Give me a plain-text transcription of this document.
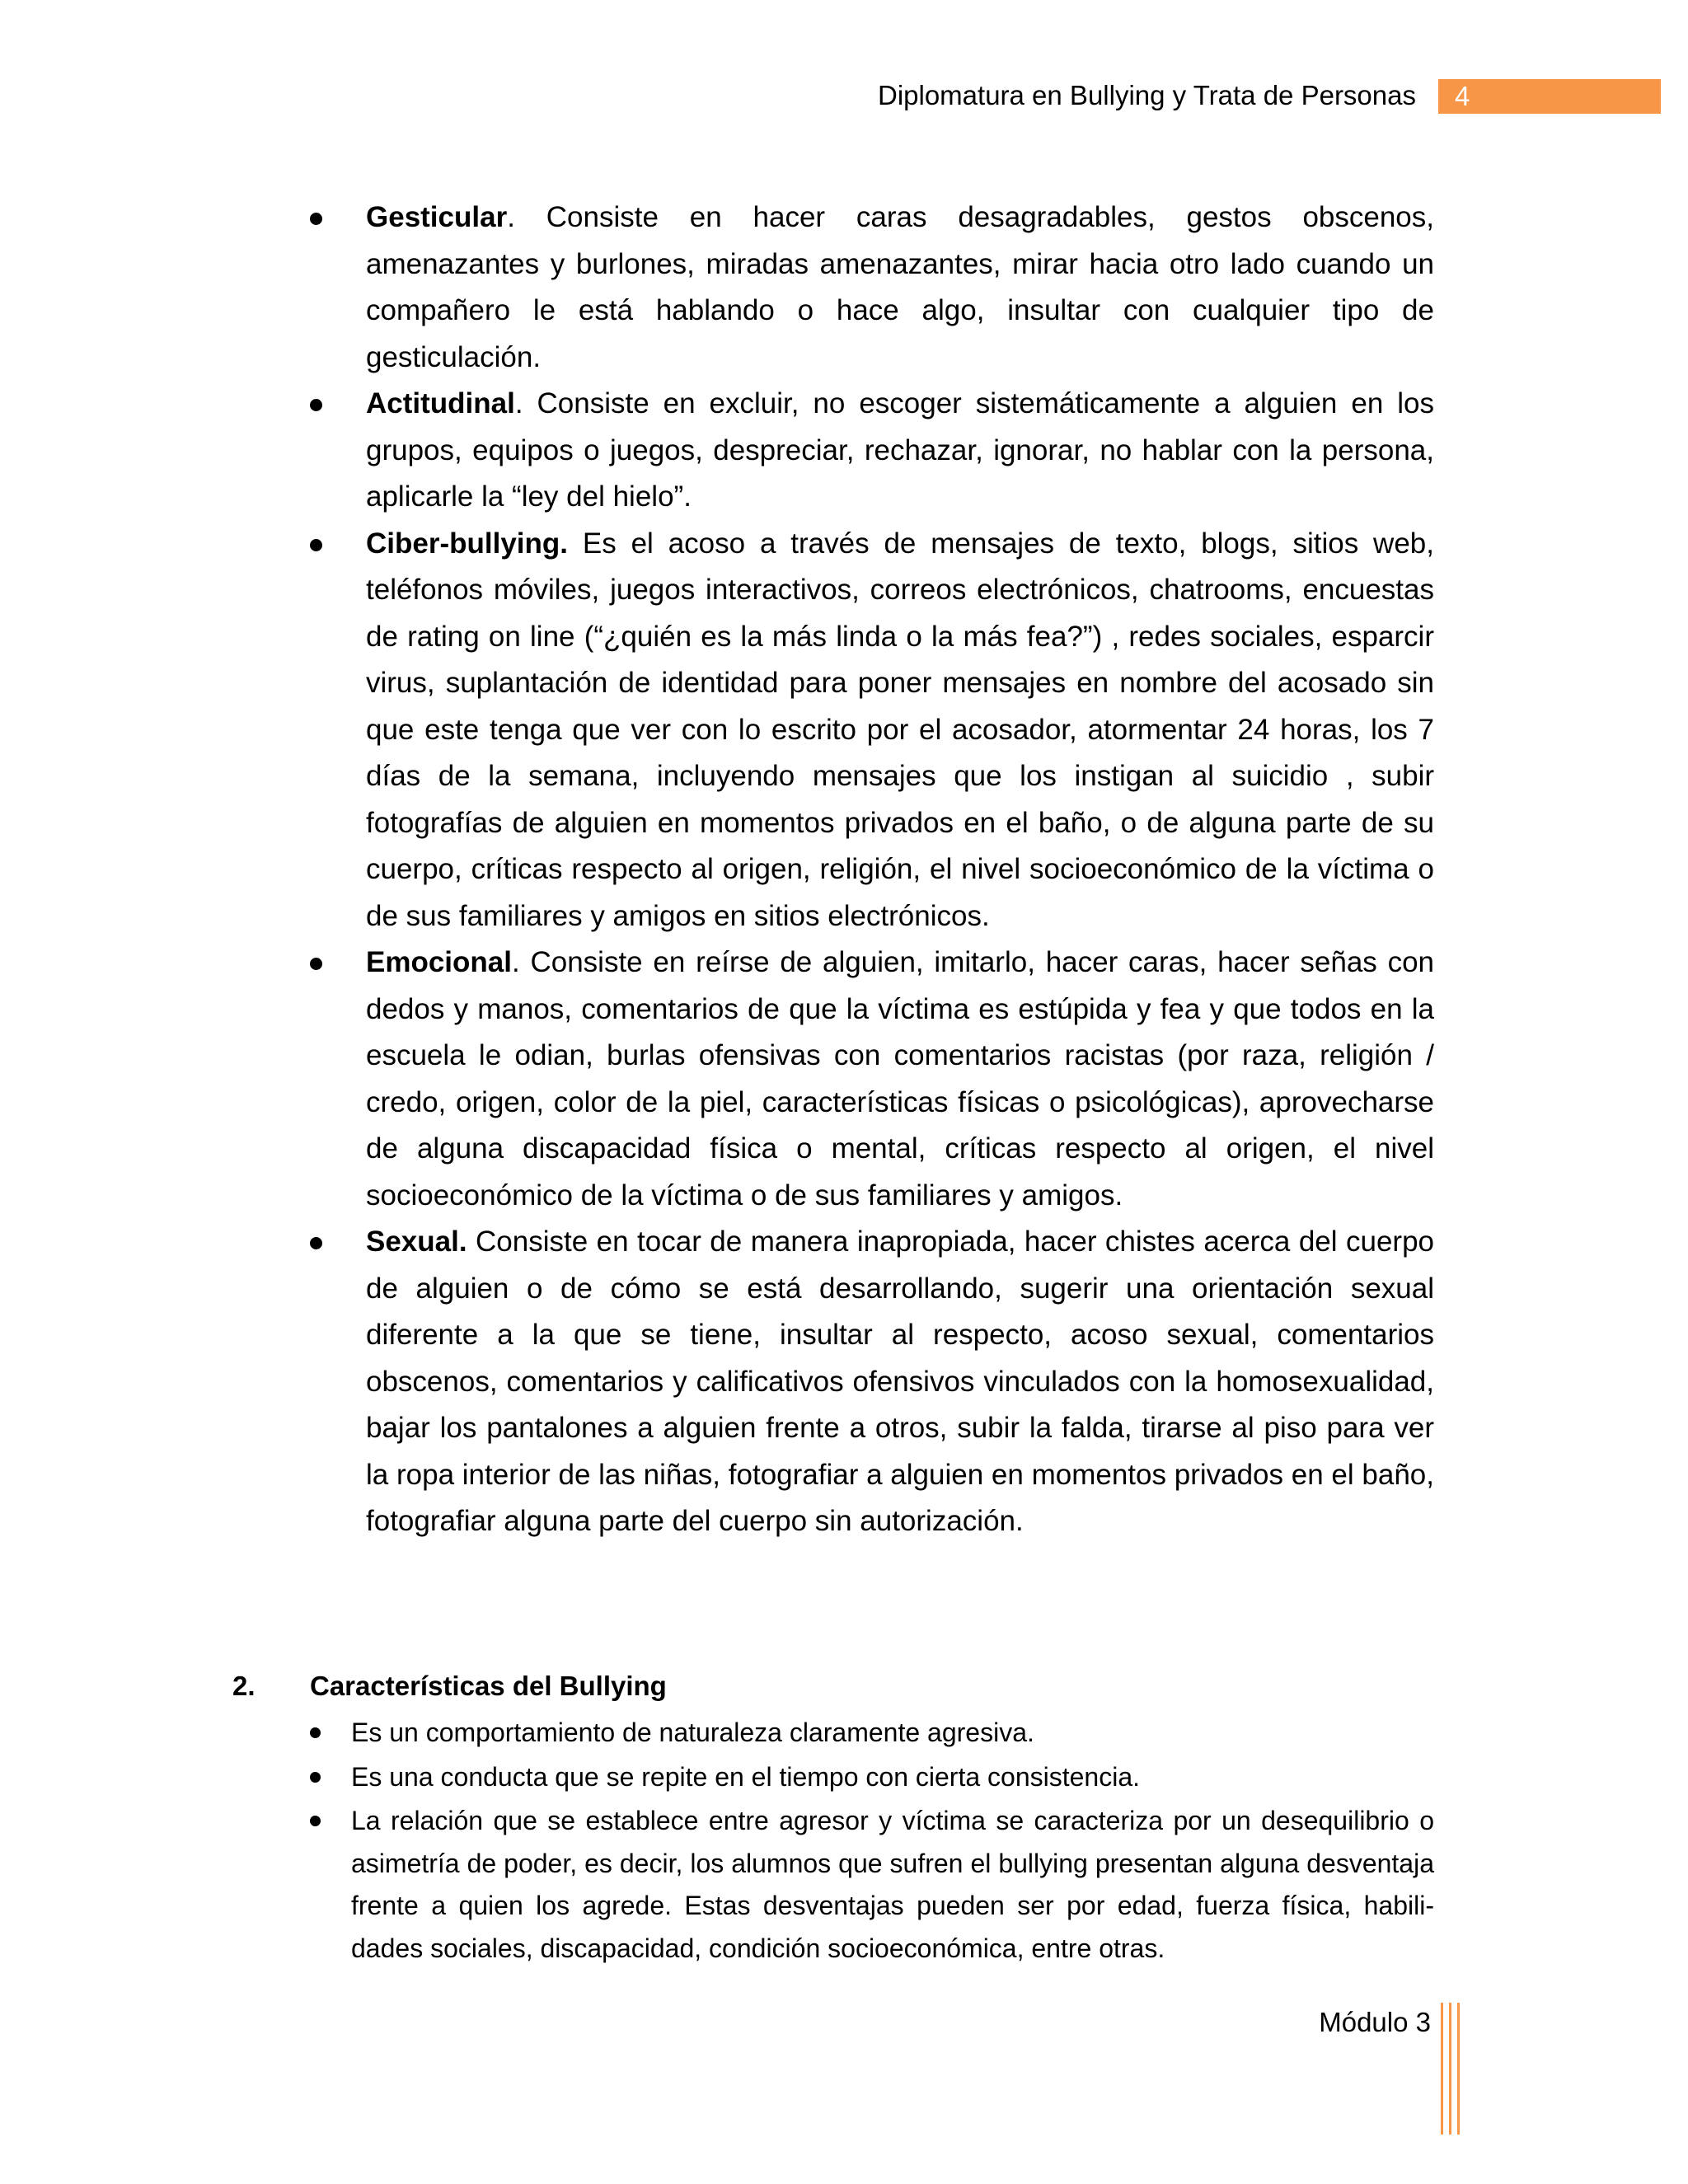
Diplomatura en Bullying y Trata de Personas	4
Gesticular. Consiste en hacer caras desagradables, gestos obscenos, amenazantes y burlones, miradas amenazantes, mirar hacia otro lado cuando un compañero le está hablando o hace algo, insultar con cualquier tipo de gesticulación.
Actitudinal. Consiste en excluir, no escoger sistemáticamente a alguien en los grupos, equipos o juegos, despreciar, rechazar, ignorar, no hablar con la persona, aplicarle la “ley del hielo”.
Ciber-bullying. Es el acoso a través de mensajes de texto, blogs, sitios web, teléfonos móviles, juegos interactivos, correos electrónicos, chatrooms, encuestas de rating on line (“¿quién es la más linda o la más fea?”) , redes sociales, esparcir virus, suplantación de identidad para poner mensajes en nombre del acosado sin que este tenga que ver con lo escrito por el acosador, atormentar 24 horas, los 7 días de la semana, incluyendo mensajes que los instigan al suicidio , subir fotografías de alguien en momentos privados en el baño, o de alguna parte de su cuerpo, críticas respecto al origen, religión, el nivel socioeconómico de la víctima o de sus familiares y amigos en sitios electrónicos.
Emocional. Consiste en reírse de alguien, imitarlo, hacer caras, hacer señas con dedos y manos, comentarios de que la víctima es estúpida y fea y que todos en la escuela le odian, burlas ofensivas con comentarios racistas (por raza, religión / credo, origen, color de la piel, características físicas o psicológicas), aprovecharse de alguna discapacidad física o mental, críticas respecto al origen, el nivel socioeconómico de la víctima o de sus familiares y amigos.
Sexual. Consiste en tocar de manera inapropiada, hacer chistes acerca del cuerpo de alguien o de cómo se está desarrollando, sugerir una orientación sexual diferente a la que se tiene, insultar al respecto, acoso sexual, comentarios obscenos, comentarios y calificativos ofensivos vinculados con la homosexualidad, bajar los pantalones a alguien frente a otros, subir la falda, tirarse al piso para ver la ropa interior de las niñas, fotografiar a alguien en momentos privados en el baño, fotografiar alguna parte del cuerpo sin autorización.
2. Características del Bullying
Es un comportamiento de naturaleza claramente agresiva.
Es una conducta que se repite en el tiempo con cierta consistencia.
La relación que se establece entre agresor y víctima se caracteriza por un desequilibrio o asimetría de poder, es decir, los alumnos que sufren el bullying presentan alguna desventaja frente a quien los agrede. Estas desventajas pueden ser por edad, fuerza física, habili-dades sociales, discapacidad, condición socioeconómica, entre otras.
Módulo 3
